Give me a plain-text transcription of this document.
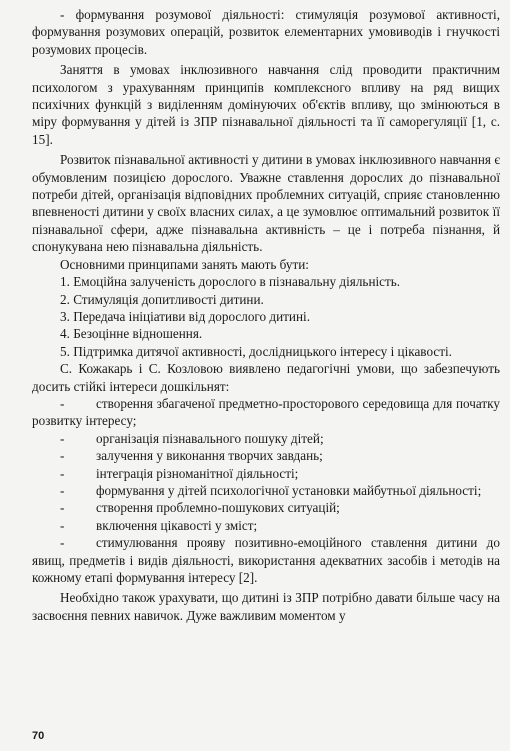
- формування розумової діяльності: стимуляція розумової активності, формування розумових операцій, розвиток елементарних умовиводів і гнучкості розумових процесів.

Заняття в умовах інклюзивного навчання слід проводити практичним психологом з урахуванням принципів комплексного впливу на ряд вищих психічних функцій з виділенням домінуючих об'єктів впливу, що змінюються в міру формування у дітей із ЗПР пізнавальної діяльності та її саморегуляції [1, с. 15].

Розвиток пізнавальної активності у дитини в умовах інклюзивного навчання є обумовленим позицією дорослого. Уважне ставлення дорослих до пізнавальної потреби дітей, організація відповідних проблемних ситуацій, сприяє становленню впевненості дитини у своїх власних силах, а це зумовлює оптимальний розвиток її пізнавальної сфери, адже пізнавальна активність – це і потреба пізнання, й спонукувана нею пізнавальна діяльність.

Основними принципами занять мають бути:

1. Емоційна залученість дорослого в пізнавальну діяльність.

2. Стимуляція допитливості дитини.

3. Передача ініціативи від дорослого дитині.

4. Безоцінне відношення.

5. Підтримка дитячої активності, дослідницького інтересу і цікавості.

С. Кожакарь і С. Козловою виявлено педагогічні умови, що забезпечують досить стійкі інтереси дошкільнят:

- створення збагаченої предметно-просторового середовища для початку розвитку інтересу;

- організація пізнавального пошуку дітей;

- залучення у виконання творчих завдань;

- інтеграція різноманітної діяльності;

- формування у дітей психологічної установки майбутньої діяльності;

- створення проблемно-пошукових ситуацій;

- включення цікавості у зміст;

- стимулювання прояву позитивно-емоційного ставлення дитини до явищ, предметів і видів діяльності, використання адекватних засобів і методів на кожному етапі формування інтересу [2].

Необхідно також урахувати, що дитині із ЗПР потрібно давати більше часу на засвоєння певних навичок. Дуже важливим моментом у

70
